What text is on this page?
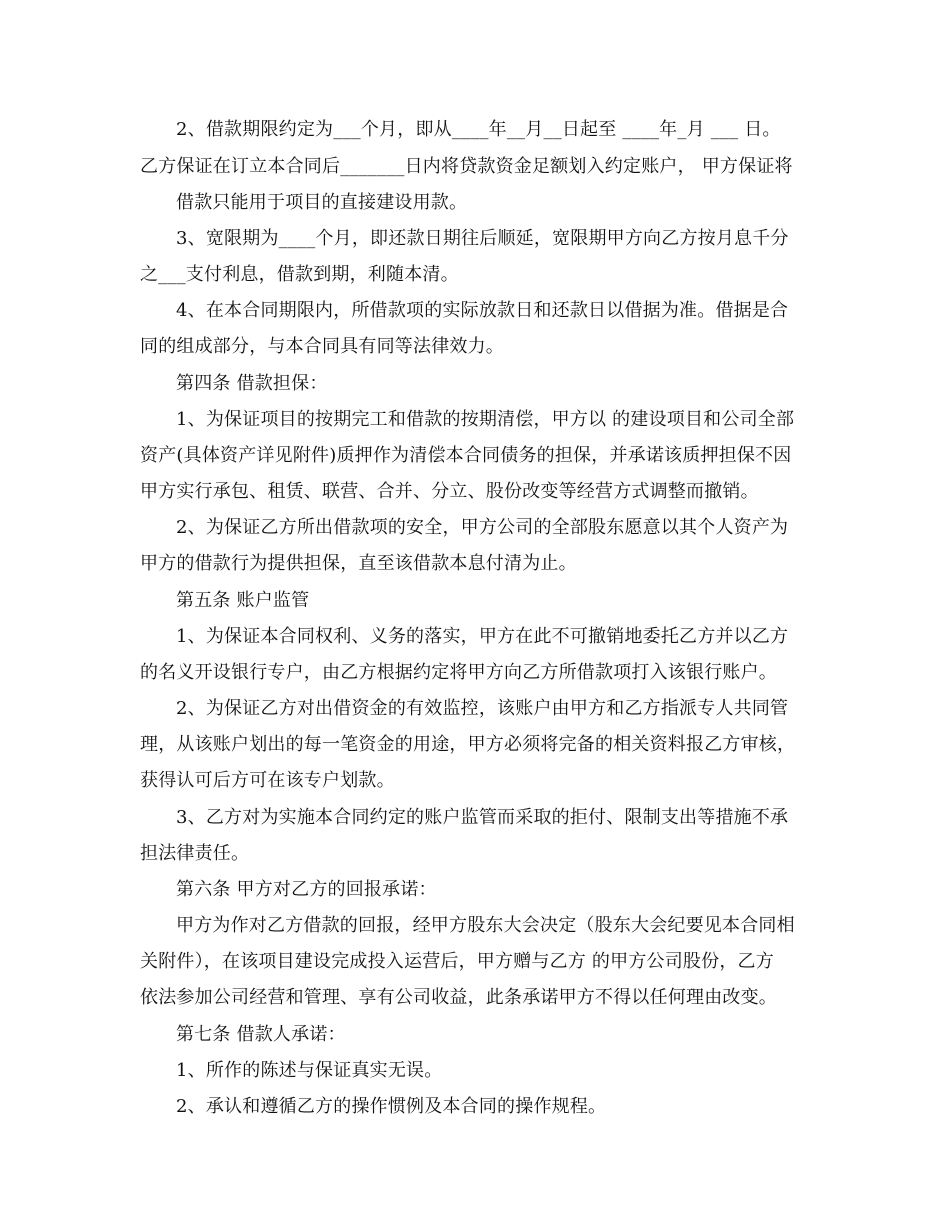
2、借款期限约定为___个月，即从____年__月__日起至 ____年_月 ___ 日。
乙方保证在订立本合同后_______日内将贷款资金足额划入约定账户， 甲方保证将
借款只能用于项目的直接建设用款。
3、宽限期为____个月，即还款日期往后顺延，宽限期甲方向乙方按月息千分
之___支付利息，借款到期，利随本清。
4、在本合同期限内，所借款项的实际放款日和还款日以借据为准。借据是合
同的组成部分，与本合同具有同等法律效力。
第四条 借款担保：
1、为保证项目的按期完工和借款的按期清偿，甲方以 的建设项目和公司全部
资产(具体资产详见附件)质押作为清偿本合同债务的担保，并承诺该质押担保不因
甲方实行承包、租赁、联营、合并、分立、股份改变等经营方式调整而撤销。
2、为保证乙方所出借款项的安全，甲方公司的全部股东愿意以其个人资产为
甲方的借款行为提供担保，直至该借款本息付清为止。
第五条 账户监管
1、为保证本合同权利、义务的落实，甲方在此不可撤销地委托乙方并以乙方
的名义开设银行专户，由乙方根据约定将甲方向乙方所借款项打入该银行账户。
2、为保证乙方对出借资金的有效监控，该账户由甲方和乙方指派专人共同管
理，从该账户划出的每一笔资金的用途，甲方必须将完备的相关资料报乙方审核，
获得认可后方可在该专户划款。
3、乙方对为实施本合同约定的账户监管而采取的拒付、限制支出等措施不承
担法律责任。
第六条 甲方对乙方的回报承诺：
甲方为作对乙方借款的回报，经甲方股东大会决定（股东大会纪要见本合同相
关附件），在该项目建设完成投入运营后，甲方赠与乙方 的甲方公司股份，乙方
依法参加公司经营和管理、享有公司收益，此条承诺甲方不得以任何理由改变。
第七条 借款人承诺：
1、所作的陈述与保证真实无误。
2、承认和遵循乙方的操作惯例及本合同的操作规程。
